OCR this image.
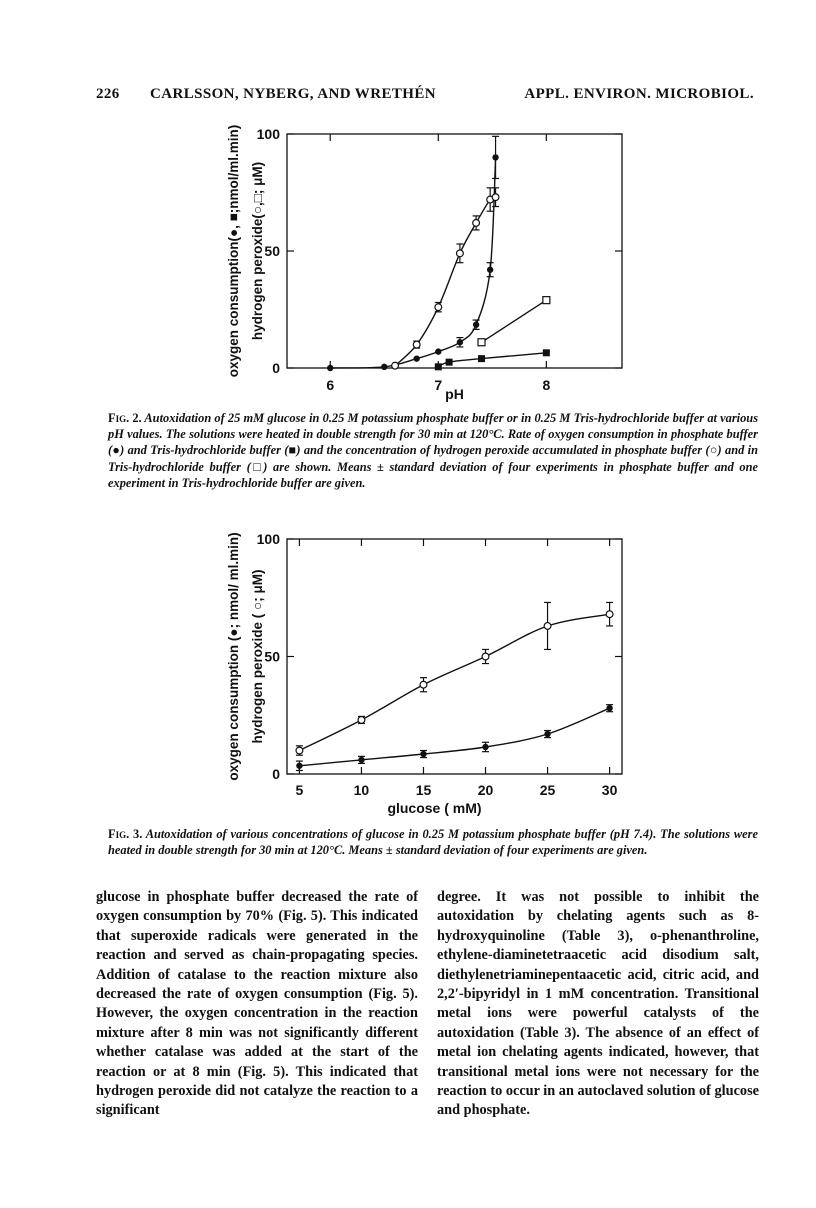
226 CARLSSON, NYBERG, AND WRETHÉN	APPL. ENVIRON. MICROBIOL.
6	7	8
0
50
100
pH
oxygen consumption(●, ■;nmol/ml.min) hydrogen peroxide(○,□; μM)
Fig. 2. Autoxidation of 25 mM glucose in 0.25 M potassium phosphate buffer or in 0.25 M Tris-hydrochloride buffer at various pH values. The solutions were heated in double strength for 30 min at 120°C. Rate of oxygen consumption in phosphate buffer (●) and Tris-hydrochloride buffer (■) and the concentration of hydrogen peroxide accumulated in phosphate buffer (○) and in Tris-hydrochloride buffer (□) are shown. Means ± standard deviation of four experiments in phosphate buffer and one experiment in Tris-hydrochloride buffer are given.
5	10	15	20	25	30
0
50
100
glucose ( mM)
oxygen consumption (●; nmol/ ml.min) hydrogen peroxide ( ○; μM)
Fig. 3. Autoxidation of various concentrations of glucose in 0.25 M potassium phosphate buffer (pH 7.4). The solutions were heated in double strength for 30 min at 120°C. Means ± standard deviation of four experiments are given.
glucose in phosphate buffer decreased the rate of oxygen consumption by 70% (Fig. 5). This indicated that superoxide radicals were generated in the reaction and served as chain-propagating species. Addition of catalase to the reaction mixture also decreased the rate of oxygen consumption (Fig. 5). However, the oxygen concentration in the reaction mixture after 8 min was not significantly different whether catalase was added at the start of the reaction or at 8 min (Fig. 5). This indicated that hydrogen peroxide did not catalyze the reaction to a significant
degree. It was not possible to inhibit the autoxidation by chelating agents such as 8-hydroxyquinoline (Table 3), o-phenanthroline, ethylene-diaminetetraacetic acid disodium salt, diethylenetriaminepentaacetic acid, citric acid, and 2,2′-bipyridyl in 1 mM concentration. Transitional metal ions were powerful catalysts of the autoxidation (Table 3). The absence of an effect of metal ion chelating agents indicated, however, that transitional metal ions were not necessary for the reaction to occur in an autoclaved solution of glucose and phosphate.
